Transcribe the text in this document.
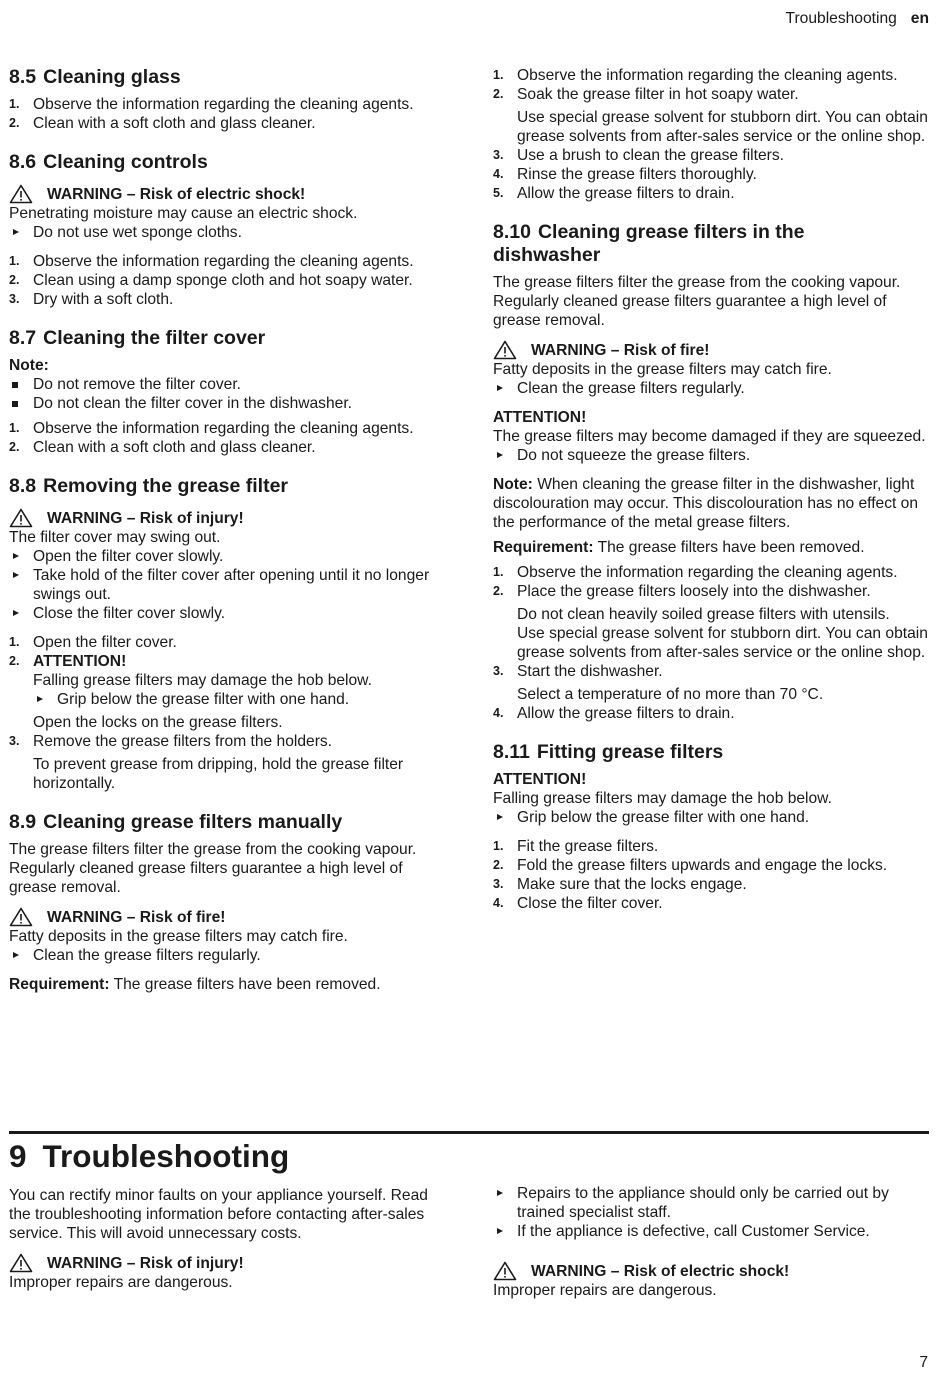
Troubleshooting en
8.5 Cleaning glass
1. Observe the information regarding the cleaning agents.
2. Clean with a soft cloth and glass cleaner.
8.6 Cleaning controls
WARNING – Risk of electric shock!

Penetrating moisture may cause an electric shock.

Do not use wet sponge cloths.
1. Observe the information regarding the cleaning agents.
2. Clean using a damp sponge cloth and hot soapy water.
3. Dry with a soft cloth.
8.7 Cleaning the filter cover

Note:

Do not remove the filter cover.
Do not clean the filter cover in the dishwasher.
1. Observe the information regarding the cleaning agents.
2. Clean with a soft cloth and glass cleaner.
8.8 Removing the grease filter
WARNING – Risk of injury!

The filter cover may swing out.

Open the filter cover slowly.
Take hold of the filter cover after opening until it no longer swings out.
Close the filter cover slowly.
1. Open the filter cover.
2. ATTENTION!
Falling grease filters may damage the hob below.
Grip below the grease filter with one hand.
Open the locks on the grease filters.
3. Remove the grease filters from the holders.
To prevent grease from dripping, hold the grease filter horizontally.
8.9 Cleaning grease filters manually

The grease filters filter the grease from the cooking vapour. Regularly cleaned grease filters guarantee a high level of grease removal.

WARNING – Risk of fire!

Fatty deposits in the grease filters may catch fire.

Clean the grease filters regularly.

Requirement: The grease filters have been removed.

1. Observe the information regarding the cleaning agents.
2. Soak the grease filter in hot soapy water.
Use special grease solvent for stubborn dirt. You can obtain grease solvents from after-sales service or the online shop.
3. Use a brush to clean the grease filters.
4. Rinse the grease filters thoroughly.
5. Allow the grease filters to drain.
8.10 Cleaning grease filters in the dishwasher

The grease filters filter the grease from the cooking vapour. Regularly cleaned grease filters guarantee a high level of grease removal.

WARNING – Risk of fire!

Fatty deposits in the grease filters may catch fire.

Clean the grease filters regularly.

ATTENTION!

The grease filters may become damaged if they are squeezed.

Do not squeeze the grease filters.

Note: When cleaning the grease filter in the dishwasher, light discolouration may occur. This discolouration has no effect on the performance of the metal grease filters.

Requirement: The grease filters have been removed.

1. Observe the information regarding the cleaning agents.
2. Place the grease filters loosely into the dishwasher.
Do not clean heavily soiled grease filters with utensils.
Use special grease solvent for stubborn dirt. You can obtain grease solvents from after-sales service or the online shop.
3. Start the dishwasher.
Select a temperature of no more than 70 °C.
4. Allow the grease filters to drain.
8.11 Fitting grease filters

ATTENTION!

Falling grease filters may damage the hob below.

Grip below the grease filter with one hand.
1. Fit the grease filters.
2. Fold the grease filters upwards and engage the locks.
3. Make sure that the locks engage.
4. Close the filter cover.
9 Troubleshooting

You can rectify minor faults on your appliance yourself. Read the troubleshooting information before contacting after-sales service. This will avoid unnecessary costs.

WARNING – Risk of injury!

Improper repairs are dangerous.

Repairs to the appliance should only be carried out by trained specialist staff.
If the appliance is defective, call Customer Service.
WARNING – Risk of electric shock!

Improper repairs are dangerous.

7
